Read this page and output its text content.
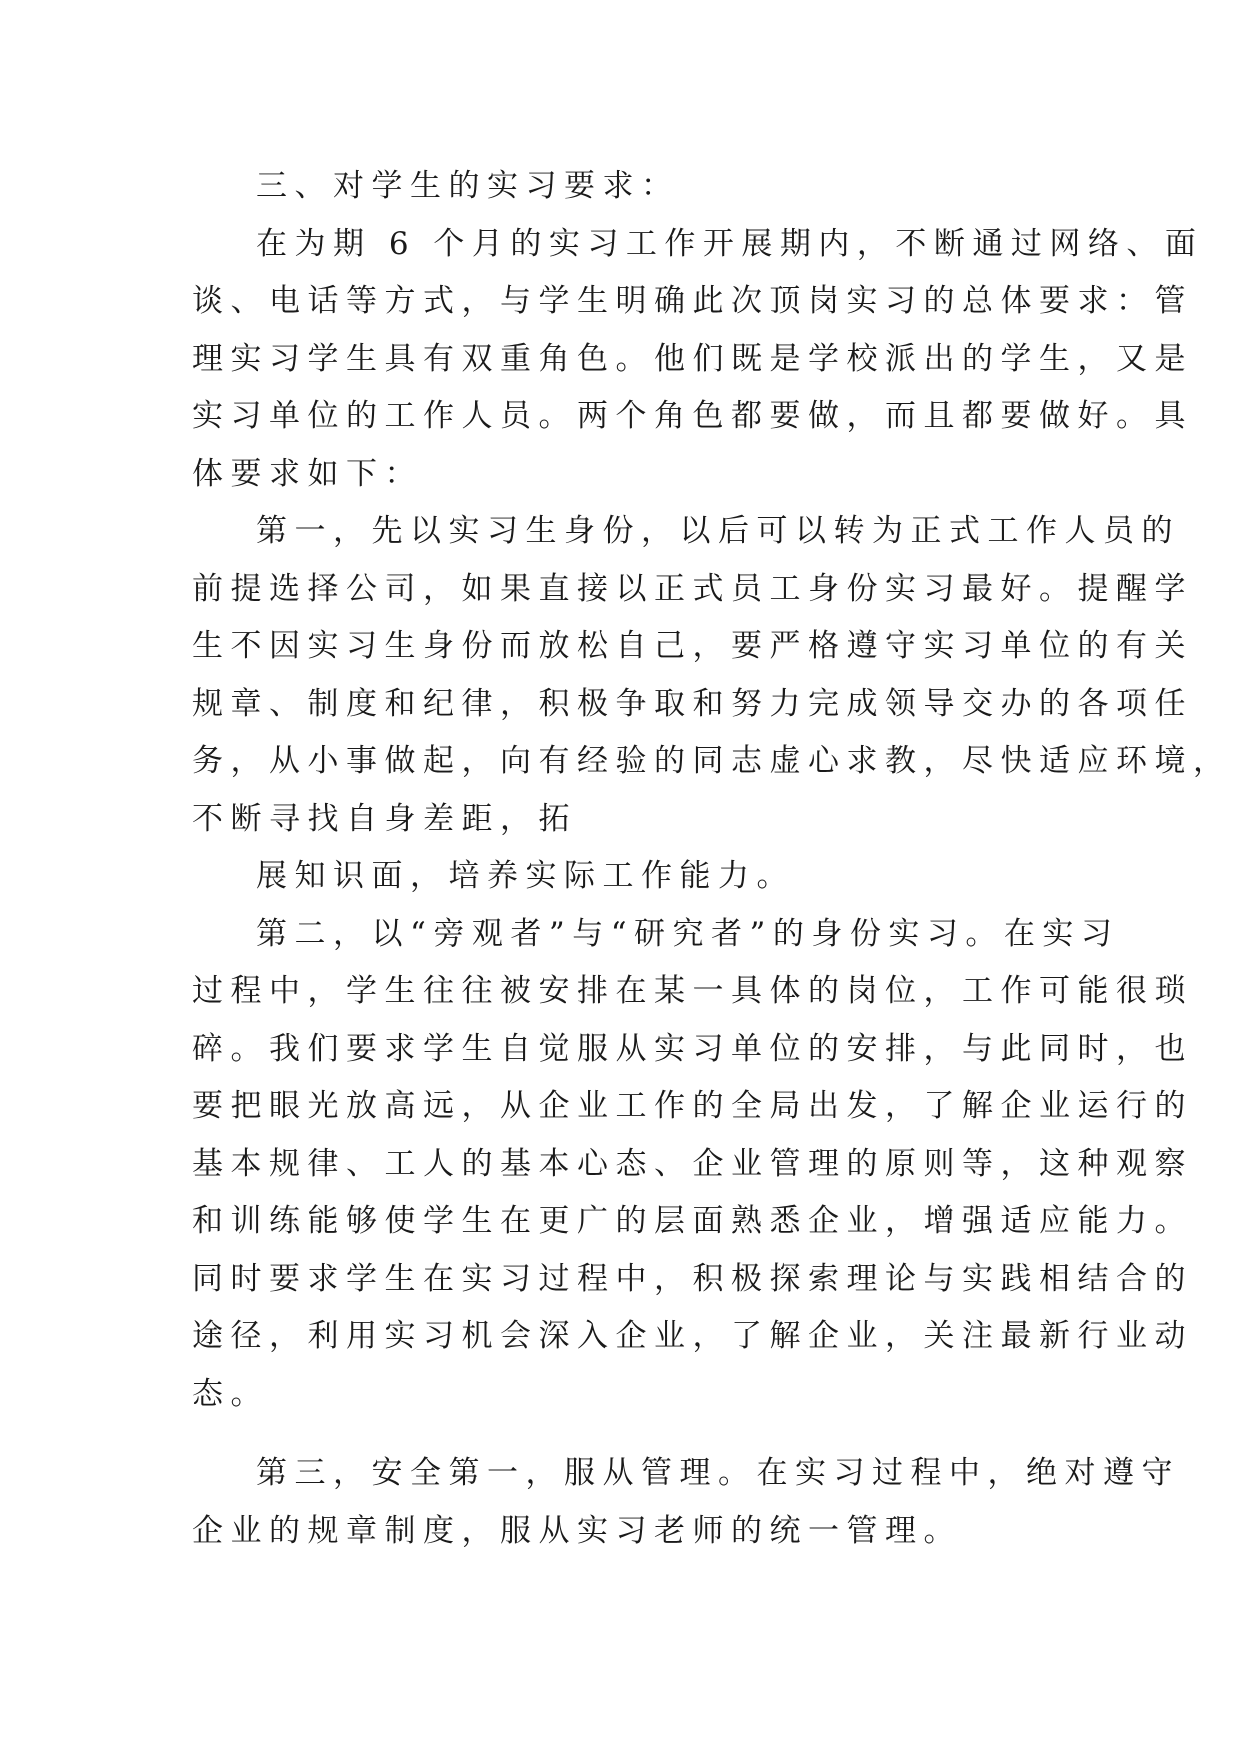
三、对学生的实习要求：

在为期 6 个月的实习工作开展期内，不断通过网络、面

谈、电话等方式，与学生明确此次顶岗实习的总体要求：管

理实习学生具有双重角色。他们既是学校派出的学生，又是

实习单位的工作人员。两个角色都要做，而且都要做好。具

体要求如下：

第一，先以实习生身份，以后可以转为正式工作人员的

前提选择公司，如果直接以正式员工身份实习最好。提醒学

生不因实习生身份而放松自己，要严格遵守实习单位的有关

规章、制度和纪律，积极争取和努力完成领导交办的各项任

务，从小事做起，向有经验的同志虚心求教，尽快适应环境，

不断寻找自身差距，拓

展知识面，培养实际工作能力。

第二，以“旁观者”与“研究者”的身份实习。在实习

过程中，学生往往被安排在某一具体的岗位，工作可能很琐

碎。我们要求学生自觉服从实习单位的安排，与此同时，也

要把眼光放高远，从企业工作的全局出发，了解企业运行的

基本规律、工人的基本心态、企业管理的原则等，这种观察

和训练能够使学生在更广的层面熟悉企业，增强适应能力。

同时要求学生在实习过程中，积极探索理论与实践相结合的

途径，利用实习机会深入企业，了解企业，关注最新行业动

态。

第三，安全第一，服从管理。在实习过程中，绝对遵守

企业的规章制度，服从实习老师的统一管理。
